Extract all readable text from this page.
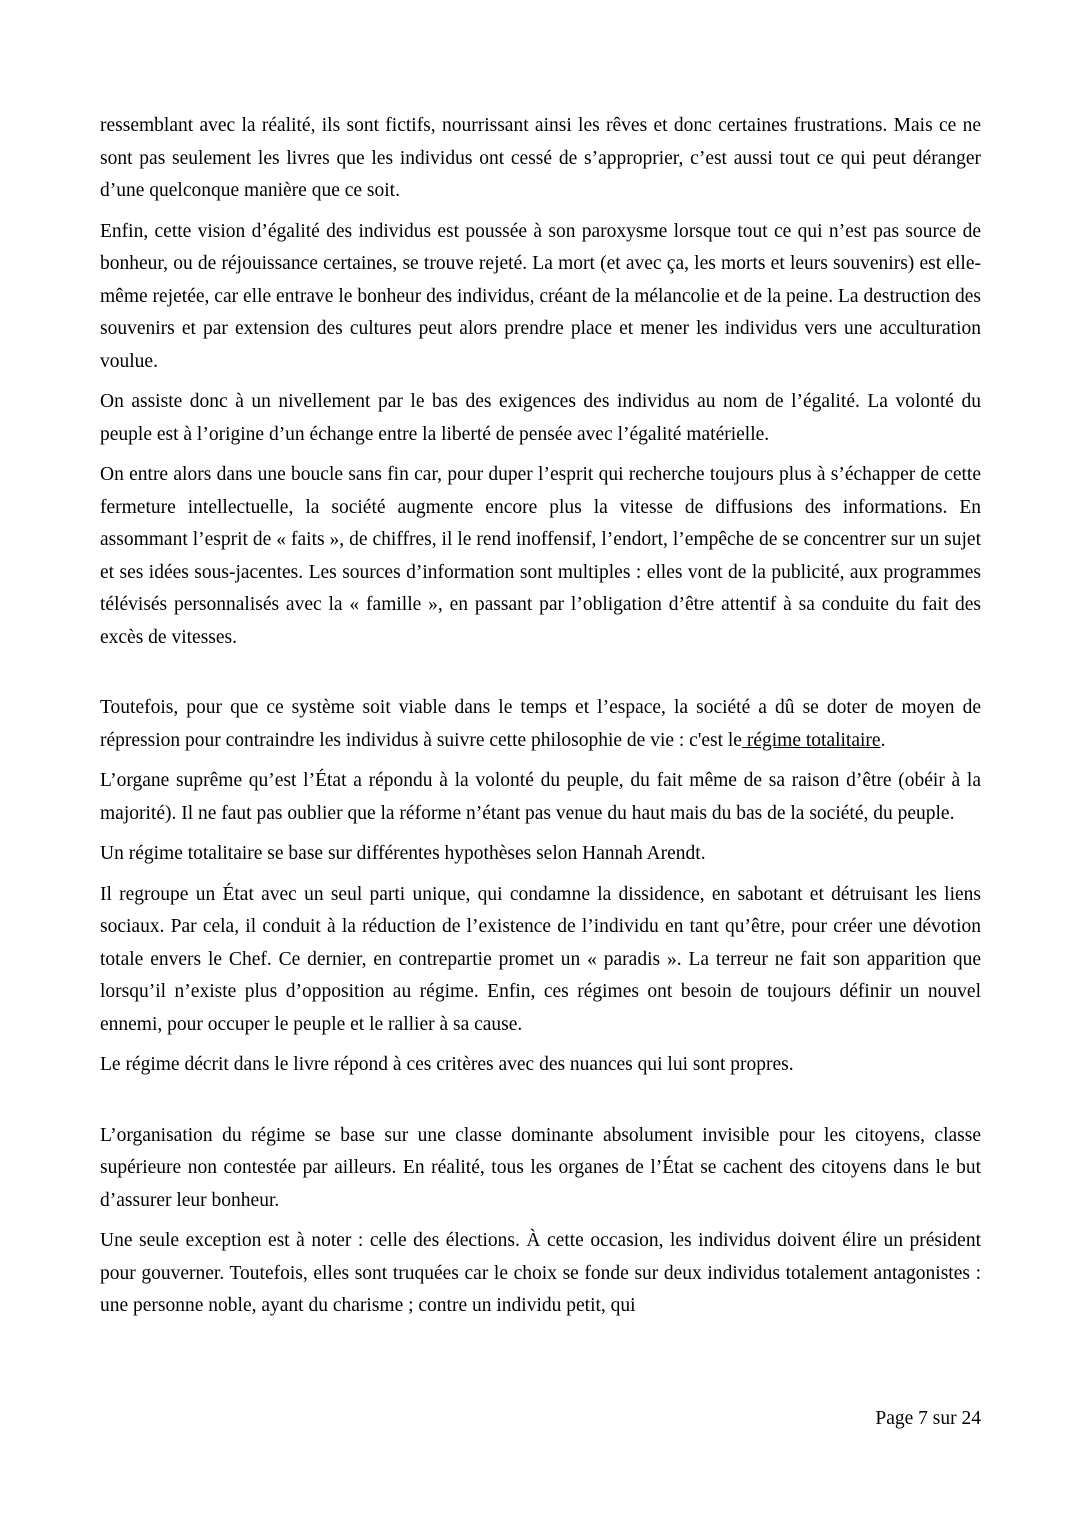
ressemblant avec la réalité, ils sont fictifs, nourrissant ainsi les rêves et donc certaines frustrations. Mais ce ne sont pas seulement les livres que les individus ont cessé de s’approprier, c’est aussi tout ce qui peut déranger d’une quelconque manière que ce soit.

Enfin, cette vision d’égalité des individus est poussée à son paroxysme lorsque tout ce qui n’est pas source de bonheur, ou de réjouissance certaines, se trouve rejeté. La mort (et avec ça, les morts et leurs souvenirs) est elle-même rejetée, car elle entrave le bonheur des individus, créant de la mélancolie et de la peine. La destruction des souvenirs et par extension des cultures peut alors prendre place et mener les individus vers une acculturation voulue.

On assiste donc à un nivellement par le bas des exigences des individus au nom de l’égalité. La volonté du peuple est à l’origine d’un échange entre la liberté de pensée avec l’égalité matérielle.

On entre alors dans une boucle sans fin car, pour duper l’esprit qui recherche toujours plus à s’échapper de cette fermeture intellectuelle, la société augmente encore plus la vitesse de diffusions des informations. En assommant l’esprit de « faits », de chiffres, il le rend inoffensif, l’endort, l’empêche de se concentrer sur un sujet et ses idées sous-jacentes. Les sources d’information sont multiples : elles vont de la publicité, aux programmes télévisés personnalisés avec la « famille », en passant par l’obligation d’être attentif à sa conduite du fait des excès de vitesses.

Toutefois, pour que ce système soit viable dans le temps et l’espace, la société a dû se doter de moyen de répression pour contraindre les individus à suivre cette philosophie de vie : c'est le régime totalitaire.

L’organe suprême qu’est l’État a répondu à la volonté du peuple, du fait même de sa raison d’être (obéir à la majorité). Il ne faut pas oublier que la réforme n’étant pas venue du haut mais du bas de la société, du peuple.

Un régime totalitaire se base sur différentes hypothèses selon Hannah Arendt.

Il regroupe un État avec un seul parti unique, qui condamne la dissidence, en sabotant et détruisant les liens sociaux. Par cela, il conduit à la réduction de l’existence de l’individu en tant qu’être, pour créer une dévotion totale envers le Chef. Ce dernier, en contrepartie promet un « paradis ». La terreur ne fait son apparition que lorsqu’il n’existe plus d’opposition au régime. Enfin, ces régimes ont besoin de toujours définir un nouvel ennemi, pour occuper le peuple et le rallier à sa cause.

Le régime décrit dans le livre répond à ces critères avec des nuances qui lui sont propres.

L’organisation du régime se base sur une classe dominante absolument invisible pour les citoyens, classe supérieure non contestée par ailleurs. En réalité, tous les organes de l’État se cachent des citoyens dans le but d’assurer leur bonheur.

Une seule exception est à noter : celle des élections. À cette occasion, les individus doivent élire un président pour gouverner. Toutefois, elles sont truquées car le choix se fonde sur deux individus totalement antagonistes : une personne noble, ayant du charisme ; contre un individu petit, qui

Page 7 sur 24
